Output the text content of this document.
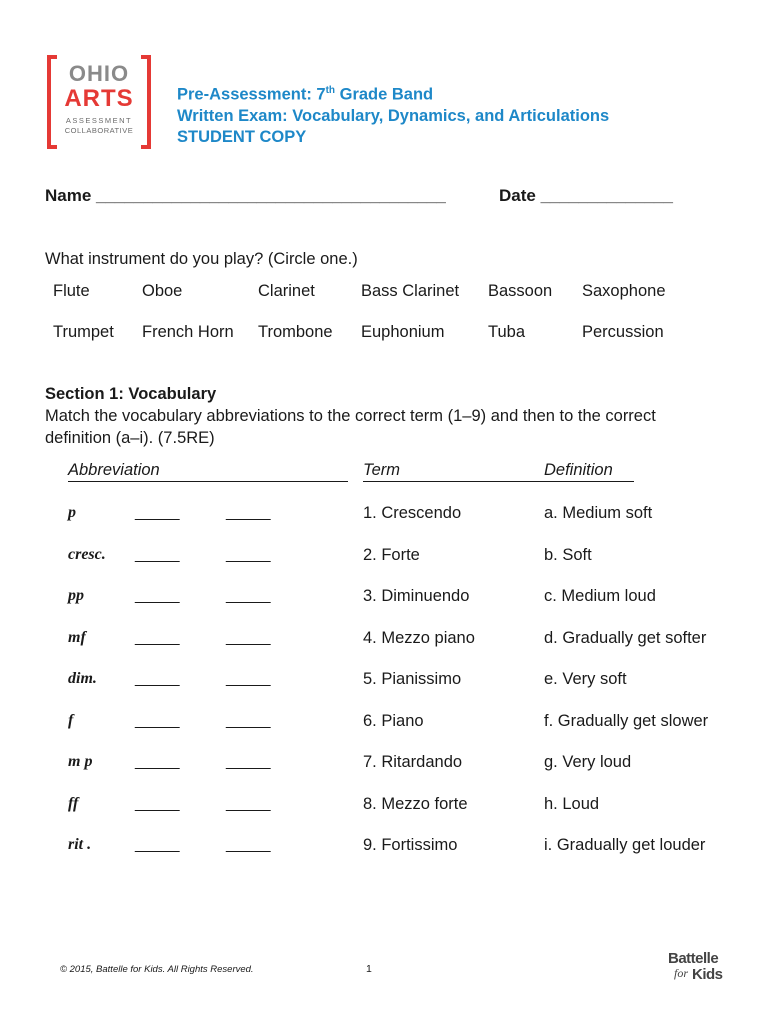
OHIO
ARTS
ASSESSMENT
COLLABORATIVE
Pre-Assessment: 7th Grade Band
Written Exam: Vocabulary, Dynamics, and Articulations
STUDENT COPY
Name _____________________________________	Date ______________
What instrument do you play? (Circle one.)
Flute	Oboe	Clarinet	Bass Clarinet Bassoon Saxophone
Trumpet French Horn Trombone Euphonium	Tuba	Percussion
Section 1: Vocabulary
Match the vocabulary abbreviations to the correct term (1–9) and then to the correct definition (a–i). (7.5RE)
Abbreviation	Term	Definition
p	_____	_____	1. Crescendo	a. Medium soft
cresc. _____	_____	2. Forte	b. Soft
pp	_____	_____	3. Diminuendo	c. Medium loud
mf	_____	_____	4. Mezzo piano	d. Gradually get softer
dim. _____	_____	5. Pianissimo	e. Very soft
f	_____	_____	6. Piano	f. Gradually get slower
m p	_____	_____	7. Ritardando	g. Very loud
ff	_____	_____	8. Mezzo forte	h. Loud
rit .	_____	_____	9. Fortissimo	i. Gradually get louder
© 2015, Battelle for Kids. All Rights Reserved.	1
Battelle
for Kids
